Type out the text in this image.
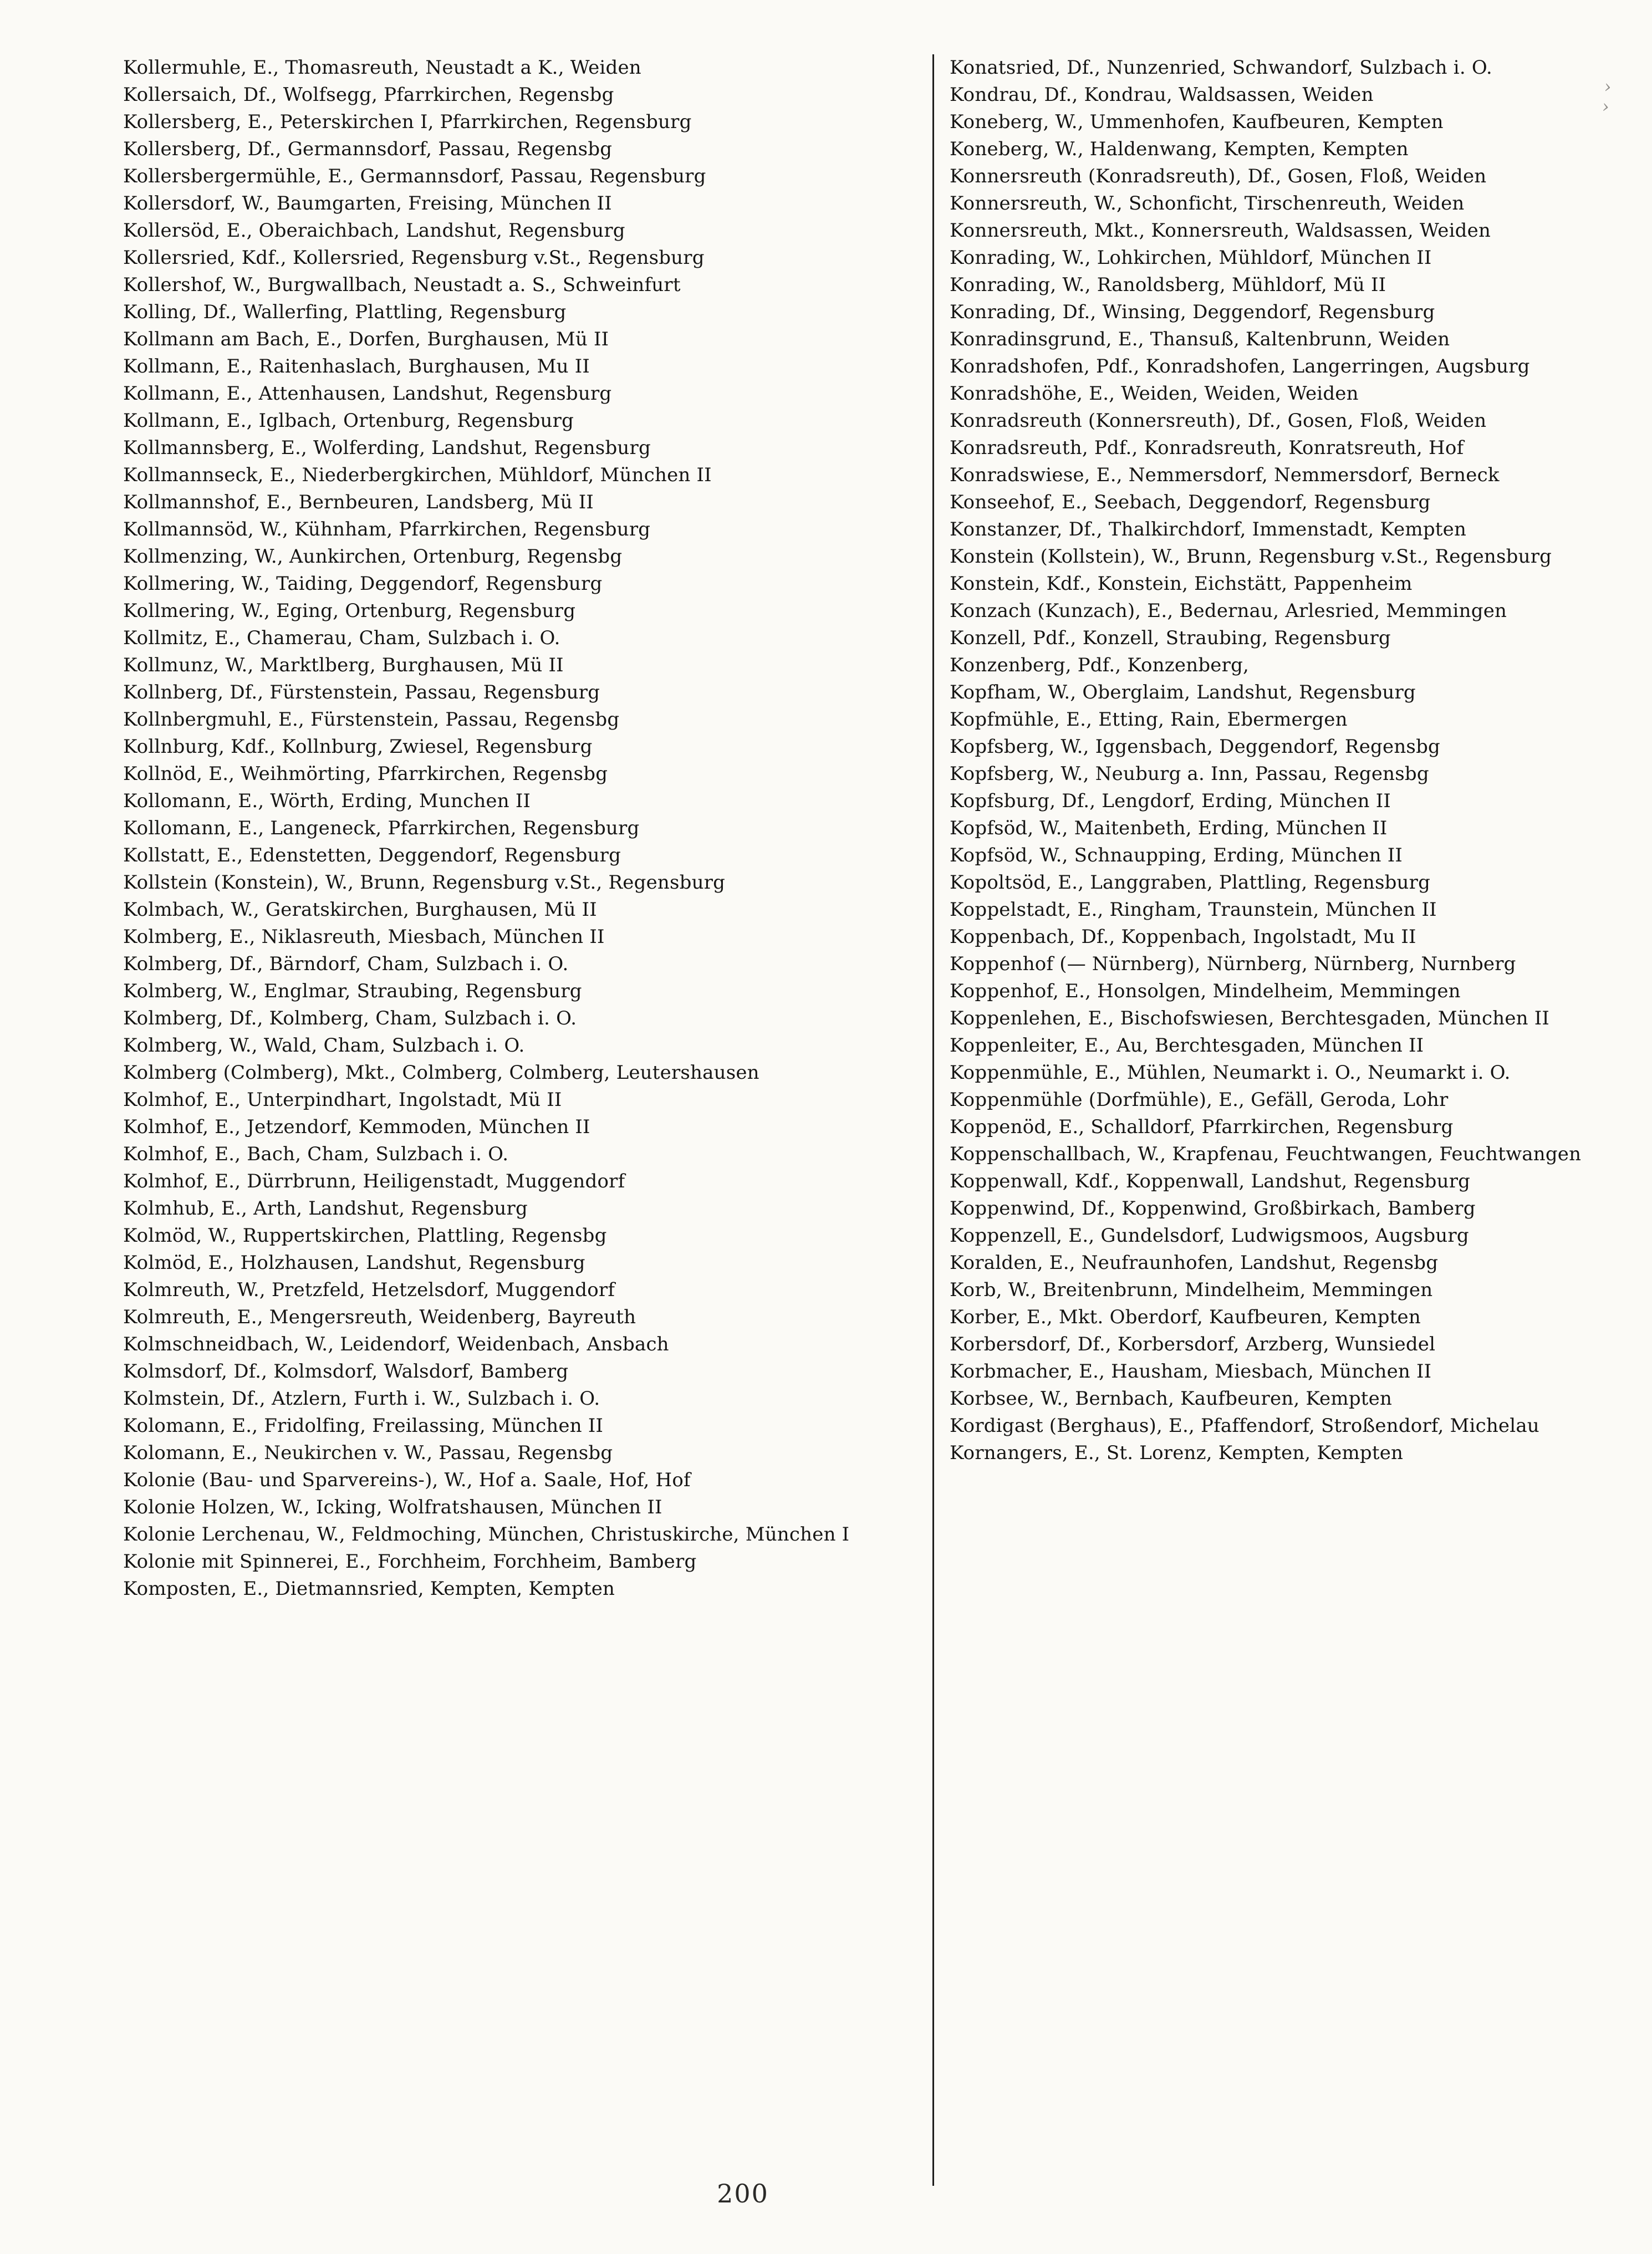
›
›
Kollermuhle, E., Thomasreuth, Neustadt a K., Weiden
Kollersaich, Df., Wolfsegg, Pfarrkirchen, Regensbg
Kollersberg, E., Peterskirchen I, Pfarrkirchen, Regensburg
Kollersberg, Df., Germannsdorf, Passau, Regensbg
Kollersbergermühle, E., Germannsdorf, Passau, Regensburg
Kollersdorf, W., Baumgarten, Freising, München II
Kollersöd, E., Oberaichbach, Landshut, Regensburg
Kollersried, Kdf., Kollersried, Regensburg v.St., Regensburg
Kollershof, W., Burgwallbach, Neustadt a. S., Schweinfurt
Kolling, Df., Wallerfing, Plattling, Regensburg
Kollmann am Bach, E., Dorfen, Burghausen, Mü II
Kollmann, E., Raitenhaslach, Burghausen, Mu II
Kollmann, E., Attenhausen, Landshut, Regensburg
Kollmann, E., Iglbach, Ortenburg, Regensburg
Kollmannsberg, E., Wolferding, Landshut, Regensburg
Kollmannseck, E., Niederbergkirchen, Mühldorf, München II
Kollmannshof, E., Bernbeuren, Landsberg, Mü II
Kollmannsöd, W., Kühnham, Pfarrkirchen, Regensburg
Kollmenzing, W., Aunkirchen, Ortenburg, Regensbg
Kollmering, W., Taiding, Deggendorf, Regensburg
Kollmering, W., Eging, Ortenburg, Regensburg
Kollmitz, E., Chamerau, Cham, Sulzbach i. O.
Kollmunz, W., Marktlberg, Burghausen, Mü II
Kollnberg, Df., Fürstenstein, Passau, Regensburg
Kollnbergmuhl, E., Fürstenstein, Passau, Regensbg
Kollnburg, Kdf., Kollnburg, Zwiesel, Regensburg
Kollnöd, E., Weihmörting, Pfarrkirchen, Regensbg
Kollomann, E., Wörth, Erding, Munchen II
Kollomann, E., Langeneck, Pfarrkirchen, Regensburg
Kollstatt, E., Edenstetten, Deggendorf, Regensburg
Kollstein (Konstein), W., Brunn, Regensburg v.St., Regensburg
Kolmbach, W., Geratskirchen, Burghausen, Mü II
Kolmberg, E., Niklasreuth, Miesbach, München II
Kolmberg, Df., Bärndorf, Cham, Sulzbach i. O.
Kolmberg, W., Englmar, Straubing, Regensburg
Kolmberg, Df., Kolmberg, Cham, Sulzbach i. O.
Kolmberg, W., Wald, Cham, Sulzbach i. O.
Kolmberg (Colmberg), Mkt., Colmberg, Colmberg, Leutershausen
Kolmhof, E., Unterpindhart, Ingolstadt, Mü II
Kolmhof, E., Jetzendorf, Kemmoden, München II
Kolmhof, E., Bach, Cham, Sulzbach i. O.
Kolmhof, E., Dürrbrunn, Heiligenstadt, Muggendorf
Kolmhub, E., Arth, Landshut, Regensburg
Kolmöd, W., Ruppertskirchen, Plattling, Regensbg
Kolmöd, E., Holzhausen, Landshut, Regensburg
Kolmreuth, W., Pretzfeld, Hetzelsdorf, Muggendorf
Kolmreuth, E., Mengersreuth, Weidenberg, Bayreuth
Kolmschneidbach, W., Leidendorf, Weidenbach, Ansbach
Kolmsdorf, Df., Kolmsdorf, Walsdorf, Bamberg
Kolmstein, Df., Atzlern, Furth i. W., Sulzbach i. O.
Kolomann, E., Fridolfing, Freilassing, München II
Kolomann, E., Neukirchen v. W., Passau, Regensbg
Kolonie (Bau- und Sparvereins-), W., Hof a. Saale, Hof, Hof
Kolonie Holzen, W., Icking, Wolfratshausen, München II
Kolonie Lerchenau, W., Feldmoching, München, Christuskirche, München I
Kolonie mit Spinnerei, E., Forchheim, Forchheim, Bamberg
Komposten, E., Dietmannsried, Kempten, Kempten
Konatsried, Df., Nunzenried, Schwandorf, Sulzbach i. O.
Kondrau, Df., Kondrau, Waldsassen, Weiden
Koneberg, W., Ummenhofen, Kaufbeuren, Kempten
Koneberg, W., Haldenwang, Kempten, Kempten
Konnersreuth (Konradsreuth), Df., Gosen, Floß, Weiden
Konnersreuth, W., Schonficht, Tirschenreuth, Weiden
Konnersreuth, Mkt., Konnersreuth, Waldsassen, Weiden
Konrading, W., Lohkirchen, Mühldorf, München II
Konrading, W., Ranoldsberg, Mühldorf, Mü II
Konrading, Df., Winsing, Deggendorf, Regensburg
Konradinsgrund, E., Thansuß, Kaltenbrunn, Weiden
Konradshofen, Pdf., Konradshofen, Langerringen, Augsburg
Konradshöhe, E., Weiden, Weiden, Weiden
Konradsreuth (Konnersreuth), Df., Gosen, Floß, Weiden
Konradsreuth, Pdf., Konradsreuth, Konratsreuth, Hof
Konradswiese, E., Nemmersdorf, Nemmersdorf, Berneck
Konseehof, E., Seebach, Deggendorf, Regensburg
Konstanzer, Df., Thalkirchdorf, Immenstadt, Kempten
Konstein (Kollstein), W., Brunn, Regensburg v.St., Regensburg
Konstein, Kdf., Konstein, Eichstätt, Pappenheim
Konzach (Kunzach), E., Bedernau, Arlesried, Memmingen
Konzell, Pdf., Konzell, Straubing, Regensburg
Konzenberg, Pdf., Konzenberg,
Kopfham, W., Oberglaim, Landshut, Regensburg
Kopfmühle, E., Etting, Rain, Ebermergen
Kopfsberg, W., Iggensbach, Deggendorf, Regensbg
Kopfsberg, W., Neuburg a. Inn, Passau, Regensbg
Kopfsburg, Df., Lengdorf, Erding, München II
Kopfsöd, W., Maitenbeth, Erding, München II
Kopfsöd, W., Schnaupping, Erding, München II
Kopoltsöd, E., Langgraben, Plattling, Regensburg
Koppelstadt, E., Ringham, Traunstein, München II
Koppenbach, Df., Koppenbach, Ingolstadt, Mu II
Koppenhof (— Nürnberg), Nürnberg, Nürnberg, Nurnberg
Koppenhof, E., Honsolgen, Mindelheim, Memmingen
Koppenlehen, E., Bischofswiesen, Berchtesgaden, München II
Koppenleiter, E., Au, Berchtesgaden, München II
Koppenmühle, E., Mühlen, Neumarkt i. O., Neumarkt i. O.
Koppenmühle (Dorfmühle), E., Gefäll, Geroda, Lohr
Koppenöd, E., Schalldorf, Pfarrkirchen, Regensburg
Koppenschallbach, W., Krapfenau, Feuchtwangen, Feuchtwangen
Koppenwall, Kdf., Koppenwall, Landshut, Regensburg
Koppenwind, Df., Koppenwind, Großbirkach, Bamberg
Koppenzell, E., Gundelsdorf, Ludwigsmoos, Augsburg
Koralden, E., Neufraunhofen, Landshut, Regensbg
Korb, W., Breitenbrunn, Mindelheim, Memmingen
Korber, E., Mkt. Oberdorf, Kaufbeuren, Kempten
Korbersdorf, Df., Korbersdorf, Arzberg, Wunsiedel
Korbmacher, E., Hausham, Miesbach, München II
Korbsee, W., Bernbach, Kaufbeuren, Kempten
Kordigast (Berghaus), E., Pfaffendorf, Stroßendorf, Michelau
Kornangers, E., St. Lorenz, Kempten, Kempten
200
